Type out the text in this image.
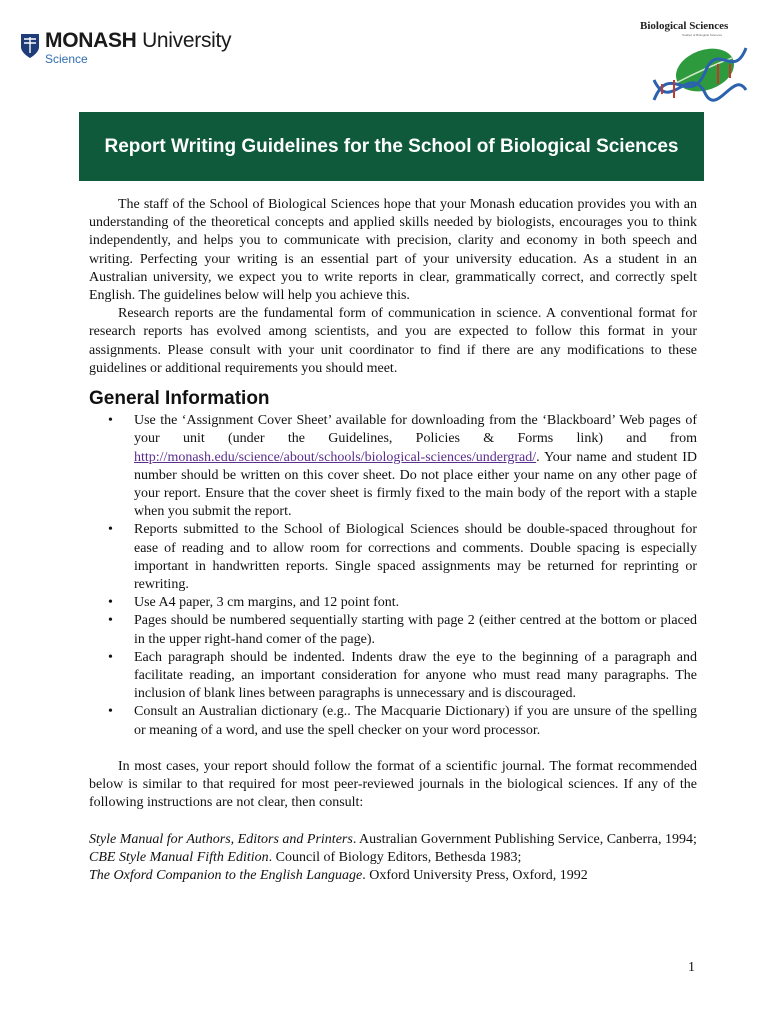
MONASH University
Science
Biological Sciences
Studies of Biological Sciences
Report Writing Guidelines for the School of Biological Sciences

The staff of the School of Biological Sciences hope that your Monash education provides you with an understanding of the theoretical concepts and applied skills needed by biologists, encourages you to think independently, and helps you to communicate with precision, clarity and economy in both speech and writing. Perfecting your writing is an essential part of your university education. As a student in an Australian university, we expect you to write reports in clear, grammatically correct, and correctly spelt English. The guidelines below will help you achieve this.

Research reports are the fundamental form of communication in science. A conventional format for research reports has evolved among scientists, and you are expected to follow this format in your assignments. Please consult with your unit coordinator to find if there are any modifications to these guidelines or additional requirements you should meet.

General Information
• Use the ‘Assignment Cover Sheet’ available for downloading from the ‘Blackboard’ Web pages of your unit (under the Guidelines, Policies & Forms link) and from http://monash.edu/science/about/schools/biological-sciences/undergrad/. Your name and student ID number should be written on this cover sheet. Do not place either your name on any other page of your report. Ensure that the cover sheet is firmly fixed to the main body of the report with a staple when you submit the report.
• Reports submitted to the School of Biological Sciences should be double-spaced throughout for ease of reading and to allow room for corrections and comments. Double spacing is especially important in handwritten reports. Single spaced assignments may be returned for reprinting or rewriting.
• Use A4 paper, 3 cm margins, and 12 point font.
• Pages should be numbered sequentially starting with page 2 (either centred at the bottom or placed in the upper right-hand comer of the page).
• Each paragraph should be indented. Indents draw the eye to the beginning of a paragraph and facilitate reading, an important consideration for anyone who must read many paragraphs. The inclusion of blank lines between paragraphs is unnecessary and is discouraged.
• Consult an Australian dictionary (e.g.. The Macquarie Dictionary) if you are unsure of the spelling or meaning of a word, and use the spell checker on your word processor.

In most cases, your report should follow the format of a scientific journal. The format recommended below is similar to that required for most peer-reviewed journals in the biological sciences. If any of the following instructions are not clear, then consult:

Style Manual for Authors, Editors and Printers. Australian Government Publishing Service, Canberra, 1994;

CBE Style Manual Fifth Edition. Council of Biology Editors, Bethesda 1983;

The Oxford Companion to the English Language. Oxford University Press, Oxford, 1992

1
